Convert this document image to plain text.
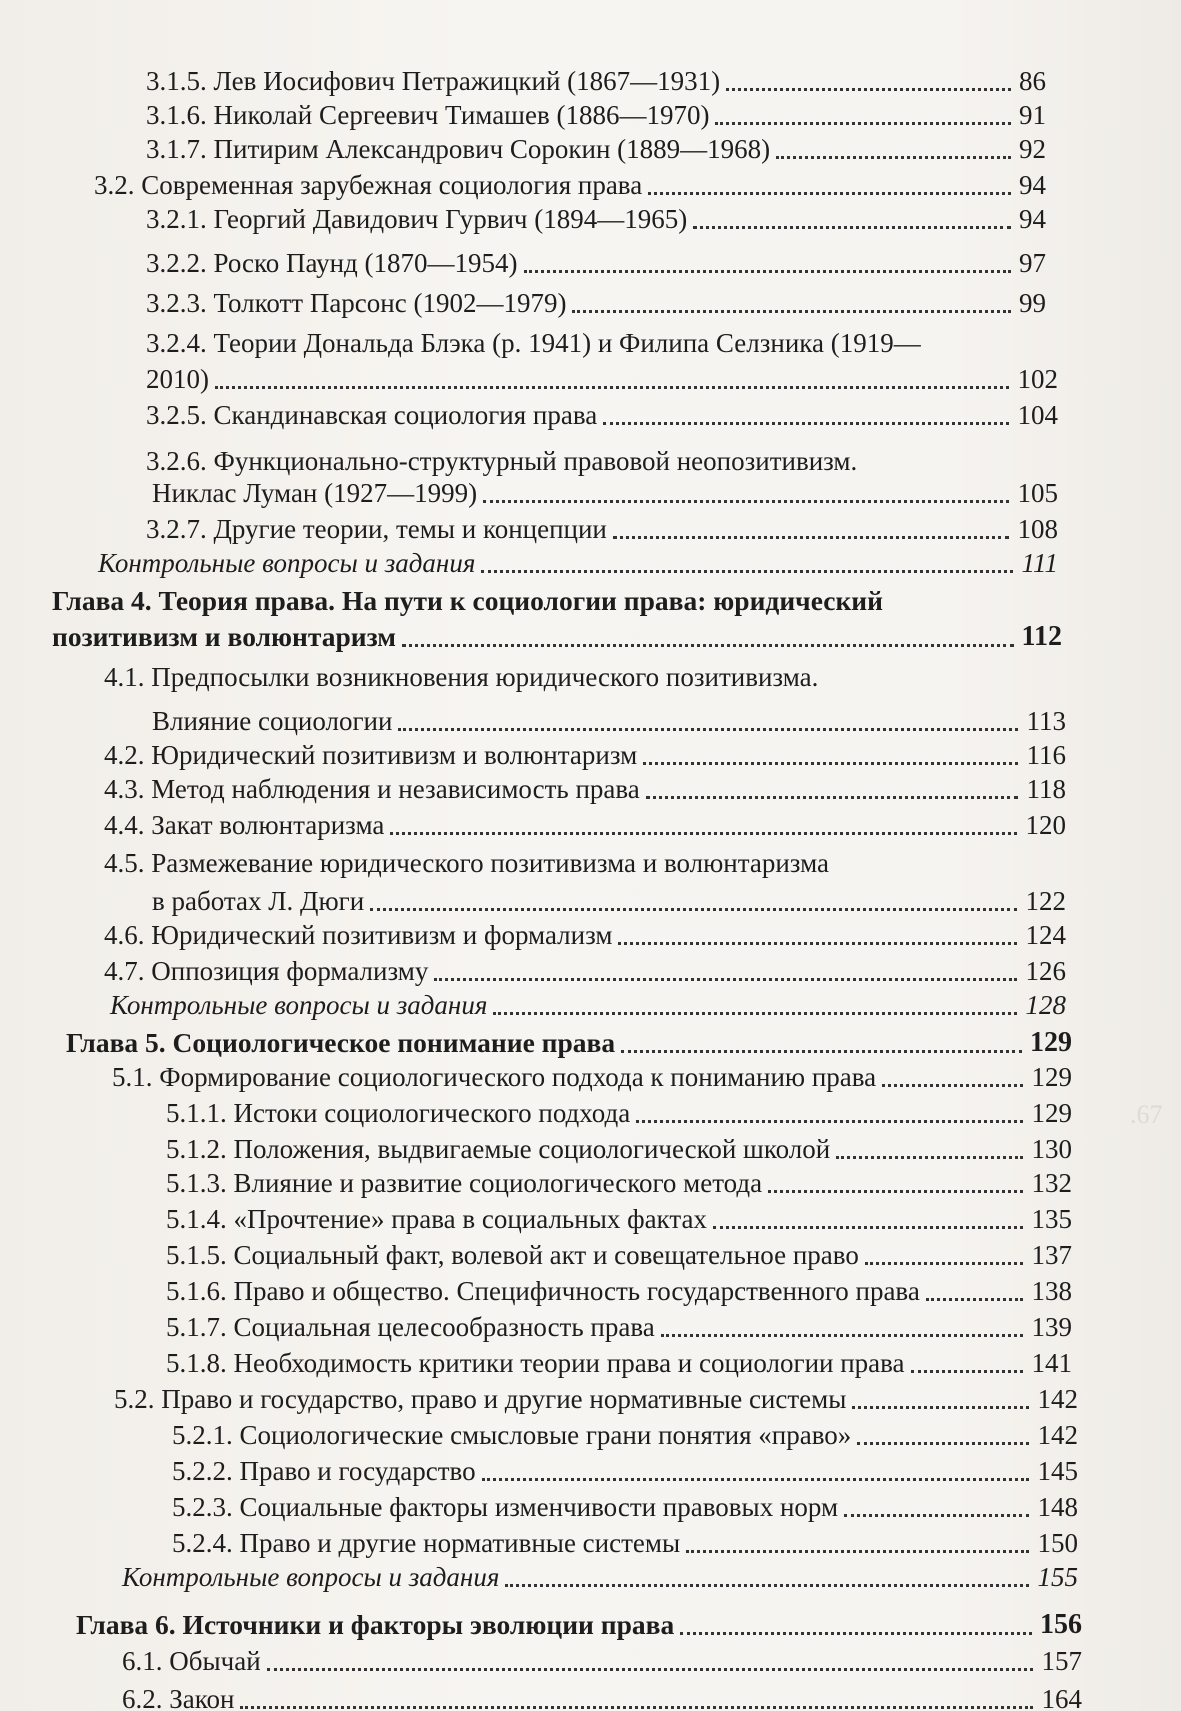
.67
3.1.5. Лев Иосифович Петражицкий (1867—1931)	86
3.1.6. Николай Сергеевич Тимашев (1886—1970)	91
3.1.7. Питирим Александрович Сорокин (1889—1968)	92
3.2. Современная зарубежная социология права	94
3.2.1. Георгий Давидович Гурвич (1894—1965)	94
3.2.2. Роско Паунд (1870—1954)	97
3.2.3. Толкотт Парсонс (1902—1979)	99
3.2.4. Теории Дональда Блэка (р. 1941) и Филипа Селзника (1919—
2010)	102
3.2.5. Скандинавская социология права	104
3.2.6. Функционально-структурный правовой неопозитивизм.
Никлас Луман (1927—1999)	105
3.2.7. Другие теории, темы и концепции	108
Контрольные вопросы и задания	111
Глава 4. Теория права. На пути к социологии права: юридический
позитивизм и волюнтаризм	112
4.1. Предпосылки возникновения юридического позитивизма.
Влияние социологии	113
4.2. Юридический позитивизм и волюнтаризм	116
4.3. Метод наблюдения и независимость права	118
4.4. Закат волюнтаризма	120
4.5. Размежевание юридического позитивизма и волюнтаризма
в работах Л. Дюги	122
4.6. Юридический позитивизм и формализм	124
4.7. Оппозиция формализму	126
Контрольные вопросы и задания	128
Глава 5. Социологическое понимание права	129
5.1. Формирование социологического подхода к пониманию права	129
5.1.1. Истоки социологического подхода	129
5.1.2. Положения, выдвигаемые социологической школой	130
5.1.3. Влияние и развитие социологического метода	132
5.1.4. «Прочтение» права в социальных фактах	135
5.1.5. Социальный факт, волевой акт и совещательное право	137
5.1.6. Право и общество. Специфичность государственного права	138
5.1.7. Социальная целесообразность права	139
5.1.8. Необходимость критики теории права и социологии права	141
5.2. Право и государство, право и другие нормативные системы	142
5.2.1. Социологические смысловые грани понятия «право»	142
5.2.2. Право и государство	145
5.2.3. Социальные факторы изменчивости правовых норм	148
5.2.4. Право и другие нормативные системы	150
Контрольные вопросы и задания	155
Глава 6. Источники и факторы эволюции права	156
6.1. Обычай	157
6.2. Закон	164
